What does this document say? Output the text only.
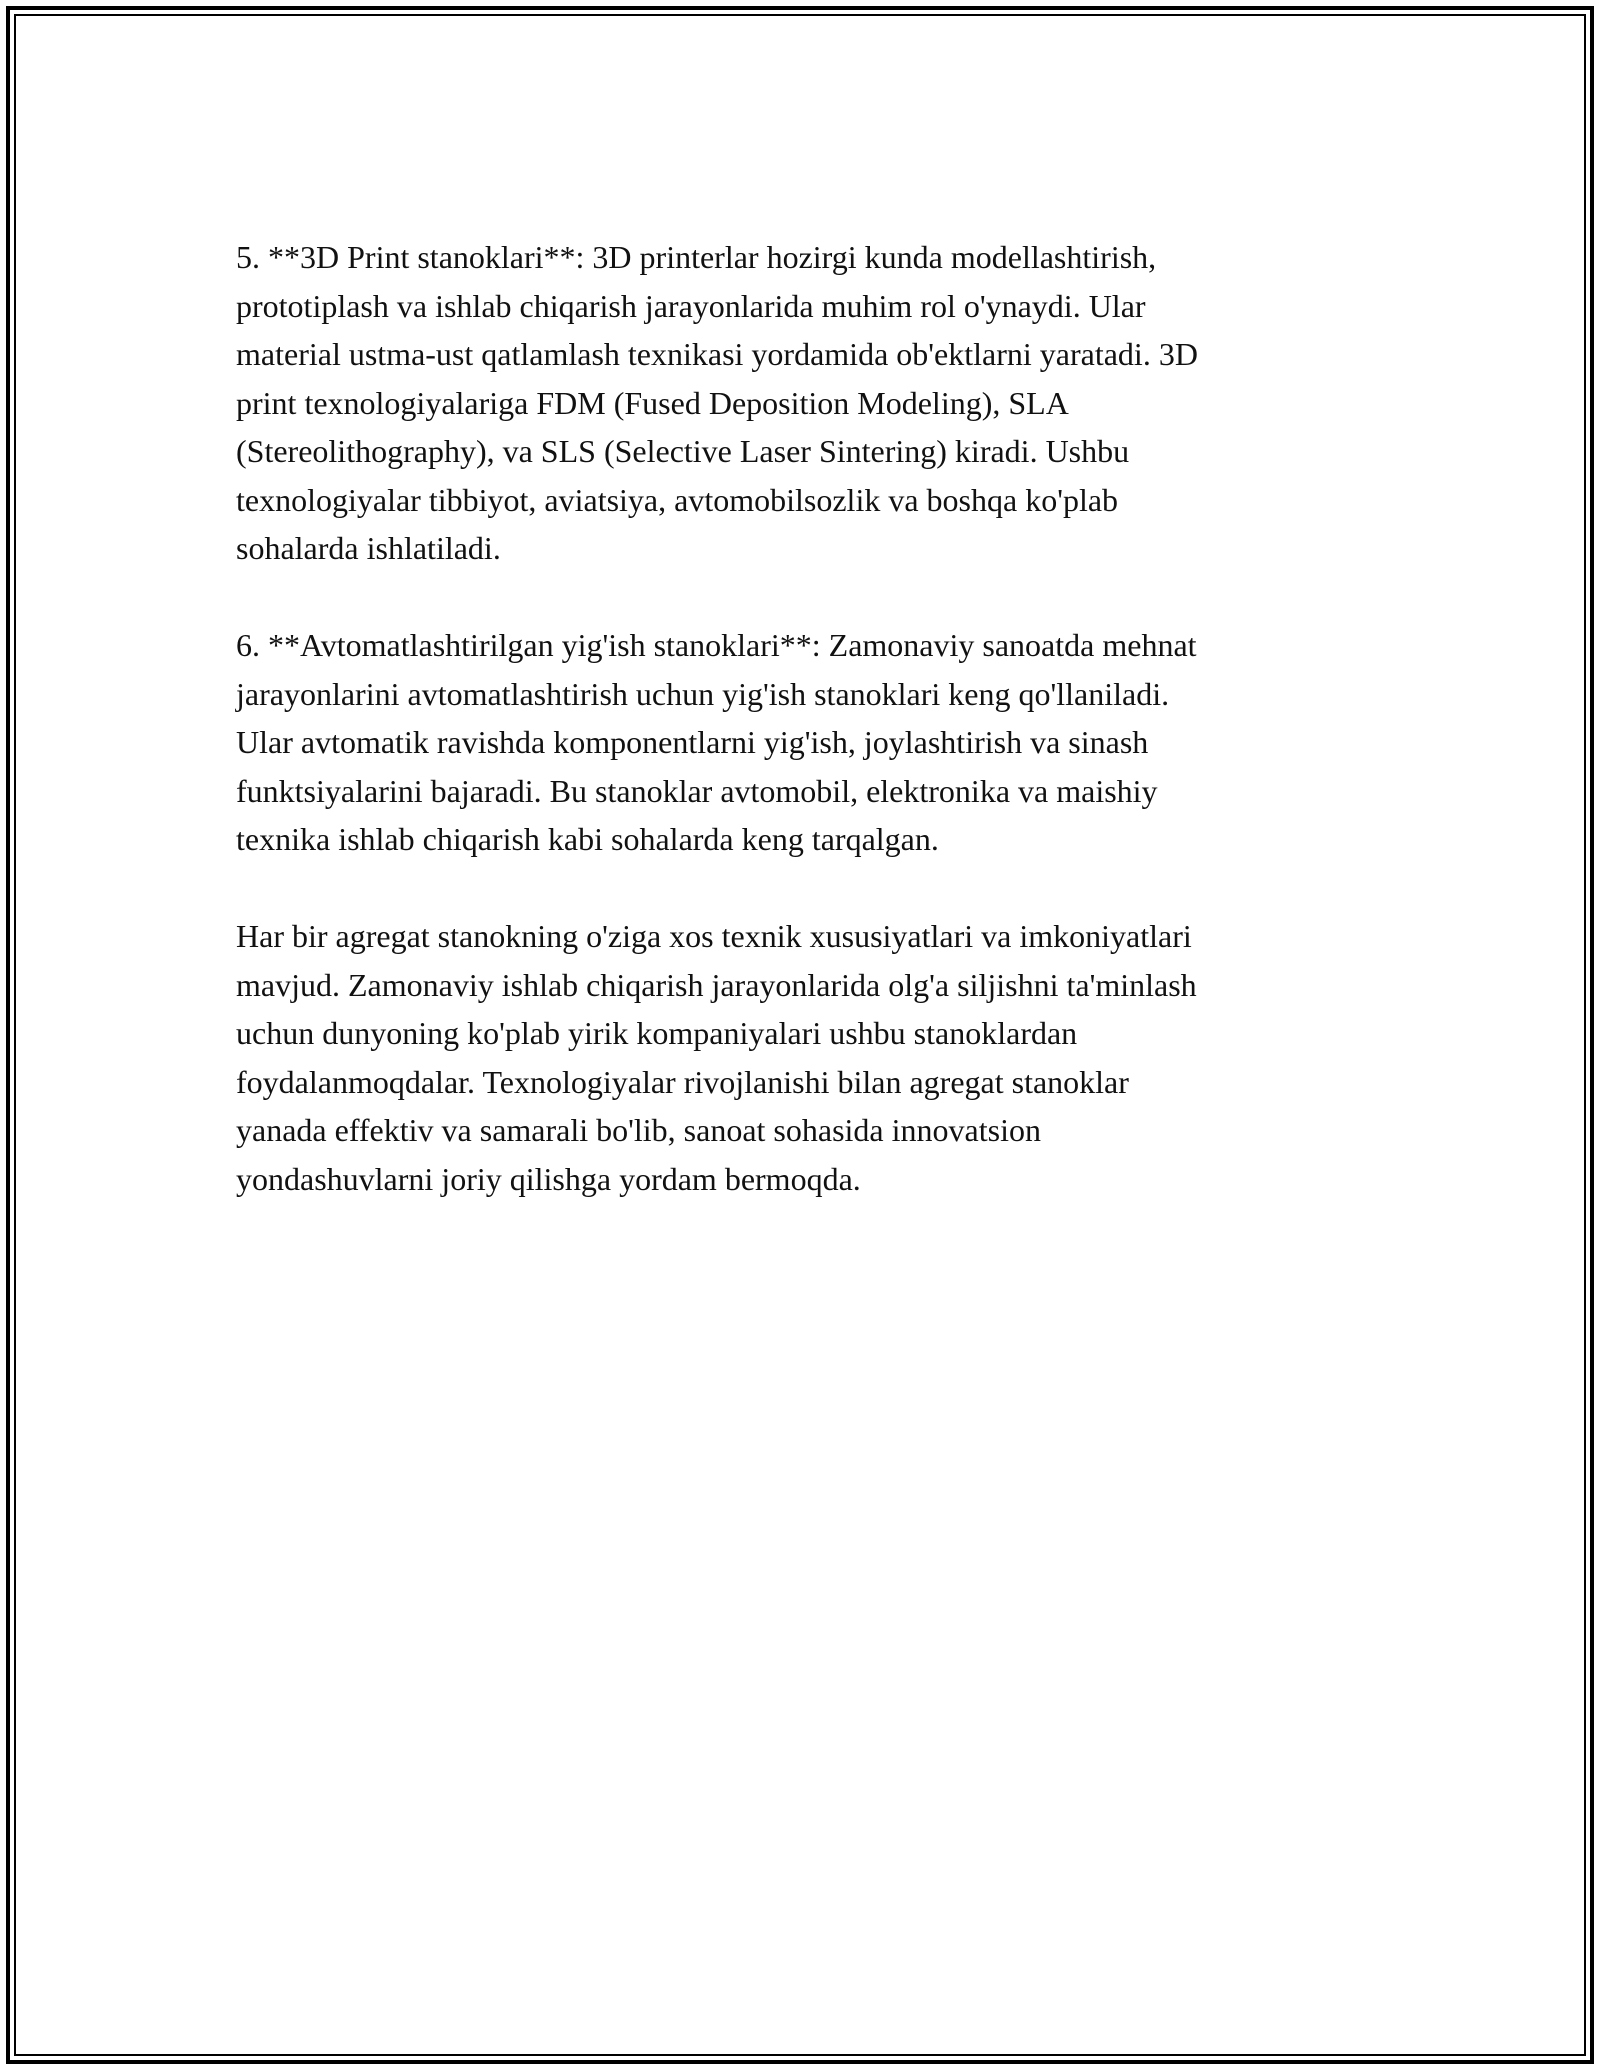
5. **3D Print stanoklari**: 3D printerlar hozirgi kunda modellashtirish,
prototiplash va ishlab chiqarish jarayonlarida muhim rol o'ynaydi. Ular
material ustma-ust qatlamlash texnikasi yordamida ob'ektlarni yaratadi. 3D
print texnologiyalariga FDM (Fused Deposition Modeling), SLA
(Stereolithography), va SLS (Selective Laser Sintering) kiradi. Ushbu
texnologiyalar tibbiyot, aviatsiya, avtomobilsozlik va boshqa ko'plab
sohalarda ishlatiladi.

6. **Avtomatlashtirilgan yig'ish stanoklari**: Zamonaviy sanoatda mehnat
jarayonlarini avtomatlashtirish uchun yig'ish stanoklari keng qo'llaniladi.
Ular avtomatik ravishda komponentlarni yig'ish, joylashtirish va sinash
funktsiyalarini bajaradi. Bu stanoklar avtomobil, elektronika va maishiy
texnika ishlab chiqarish kabi sohalarda keng tarqalgan.

Har bir agregat stanokning o'ziga xos texnik xususiyatlari va imkoniyatlari
mavjud. Zamonaviy ishlab chiqarish jarayonlarida olg'a siljishni ta'minlash
uchun dunyoning ko'plab yirik kompaniyalari ushbu stanoklardan
foydalanmoqdalar. Texnologiyalar rivojlanishi bilan agregat stanoklar
yanada effektiv va samarali bo'lib, sanoat sohasida innovatsion
yondashuvlarni joriy qilishga yordam bermoqda.
